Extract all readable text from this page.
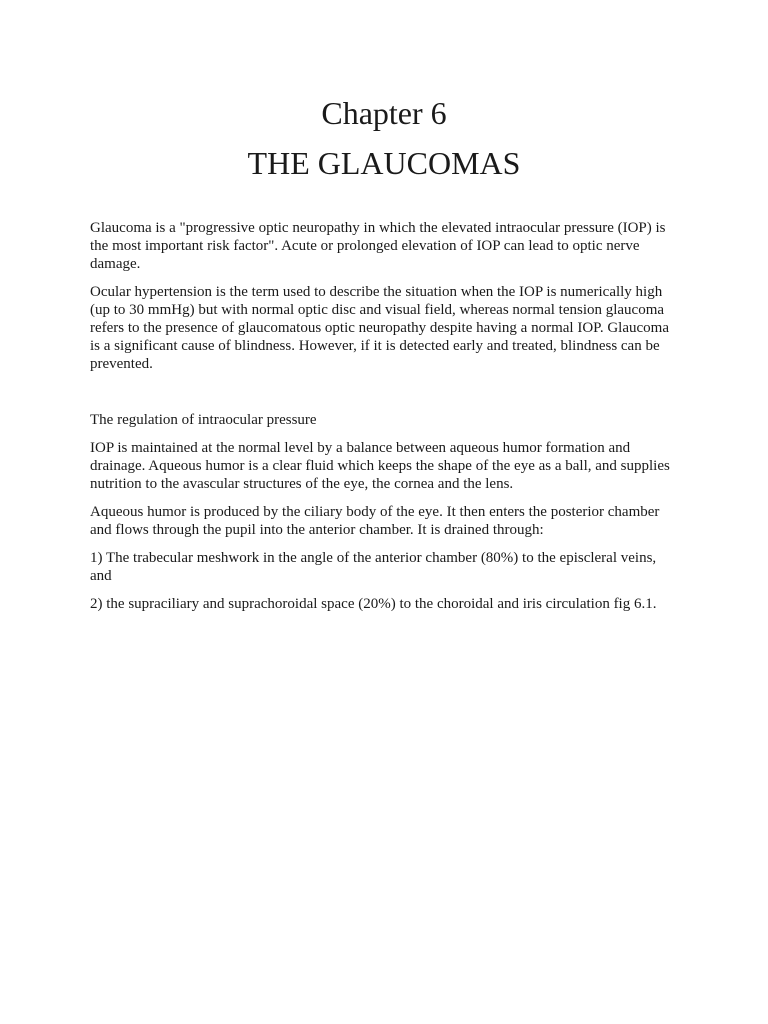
Chapter 6
THE GLAUCOMAS

Glaucoma is a "progressive optic neuropathy in which the elevated intraocular pressure (IOP) is the most important risk factor". Acute or prolonged elevation of IOP can lead to optic nerve damage.

Ocular hypertension is the term used to describe the situation when the IOP is numerically high (up to 30 mmHg) but with normal optic disc and visual field, whereas normal tension glaucoma refers to the presence of glaucomatous optic neuropathy despite having a normal IOP. Glaucoma is a significant cause of blindness. However, if it is detected early and treated, blindness can be prevented.

The regulation of intraocular pressure

IOP is maintained at the normal level by a balance between aqueous humor formation and drainage. Aqueous humor is a clear fluid which keeps the shape of the eye as a ball, and supplies nutrition to the avascular structures of the eye, the cornea and the lens.

Aqueous humor is produced by the ciliary body of the eye. It then enters the posterior chamber and flows through the pupil into the anterior chamber. It is drained through:

1) The trabecular meshwork in the angle of the anterior chamber (80%) to the episcleral veins, and

2) the supraciliary and suprachoroidal space (20%) to the choroidal and iris circulation fig 6.1.
